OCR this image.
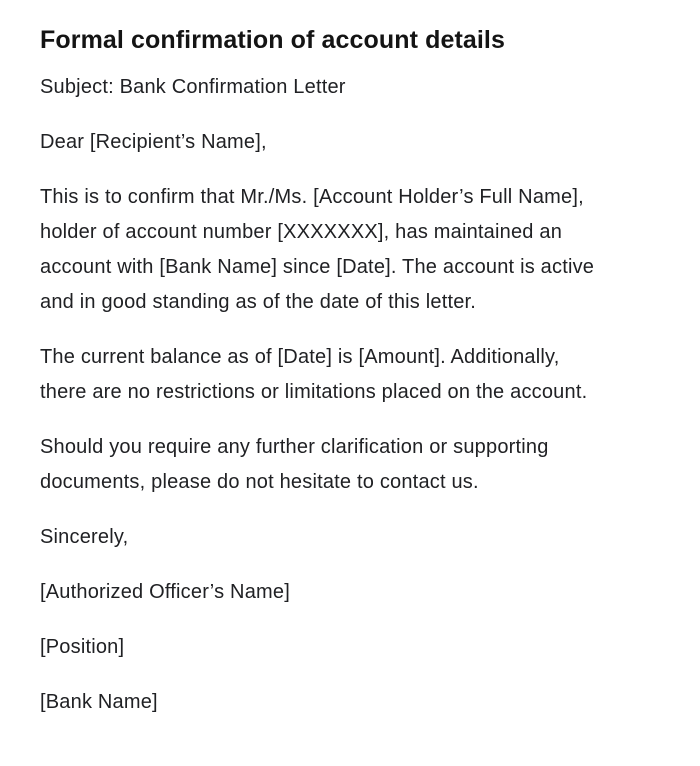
Formal confirmation of account details

Subject: Bank Confirmation Letter

Dear [Recipient’s Name],

This is to confirm that Mr./Ms. [Account Holder’s Full Name],
holder of account number [XXXXXXX], has maintained an
account with [Bank Name] since [Date]. The account is active
and in good standing as of the date of this letter.

The current balance as of [Date] is [Amount]. Additionally,
there are no restrictions or limitations placed on the account.

Should you require any further clarification or supporting
documents, please do not hesitate to contact us.

Sincerely,

[Authorized Officer’s Name]

[Position]

[Bank Name]
